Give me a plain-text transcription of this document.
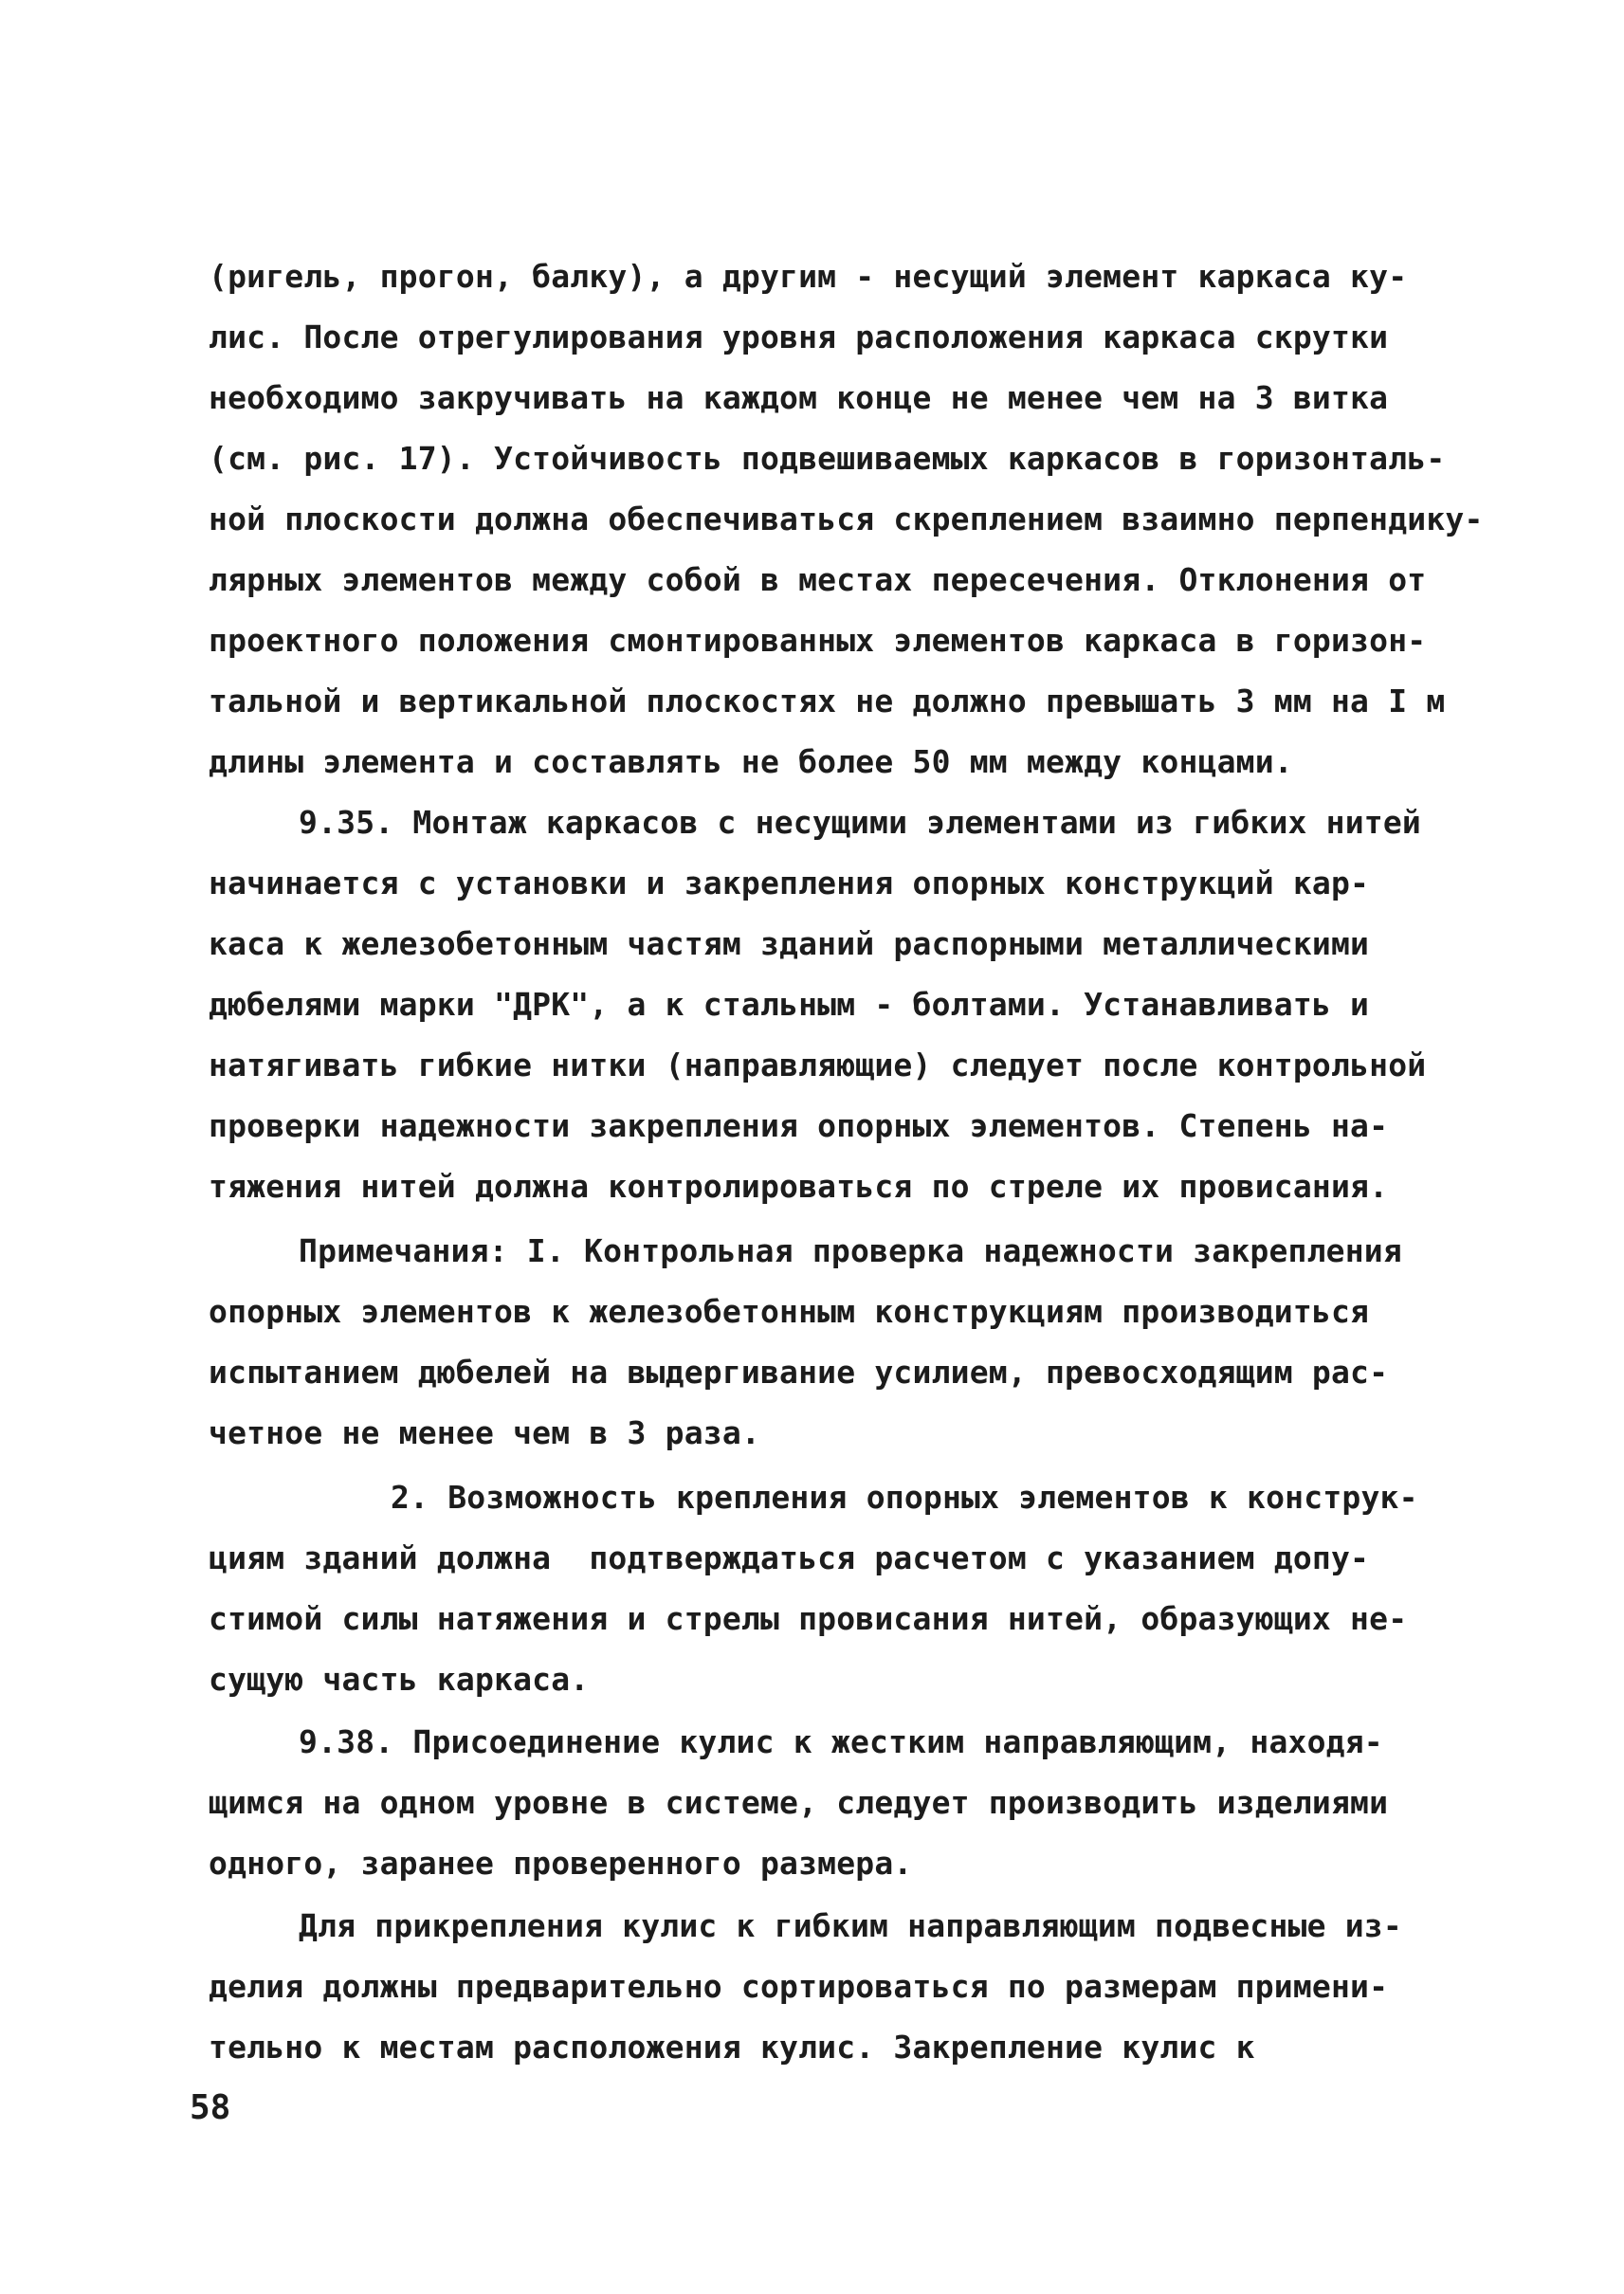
(ригель, прогон, балку), а другим - несущий элемент каркаса ку-
лис. После отрегулирования уровня расположения каркаса скрутки
необходимо закручивать на каждом конце не менее чем на 3 витка
(см. рис. 17). Устойчивость подвешиваемых каркасов в горизонталь-
ной плоскости должна обеспечиваться скреплением взаимно перпендику-
лярных элементов между собой в местах пересечения. Отклонения от
проектного положения смонтированных элементов каркаса в горизон-
тальной и вертикальной плоскостях не должно превышать 3 мм на I м
длины элемента и составлять не более 50 мм между концами.
9.35. Монтаж каркасов с несущими элементами из гибких нитей
начинается с установки и закрепления опорных конструкций кар-
каса к железобетонным частям зданий распорными металлическими
дюбелями марки "ДРК", а к стальным - болтами. Устанавливать и
натягивать гибкие нитки (направляющие) следует после контрольной
проверки надежности закрепления опорных элементов. Степень на-
тяжения нитей должна контролироваться по стреле их провисания.
Примечания: I. Контрольная проверка надежности закрепления
опорных элементов к железобетонным конструкциям производиться
испытанием дюбелей на выдергивание усилием, превосходящим рас-
четное не менее чем в 3 раза.
2. Возможность крепления опорных элементов к конструк-
циям зданий должна  подтверждаться расчетом с указанием допу-
стимой силы натяжения и стрелы провисания нитей, образующих не-
сущую часть каркаса.
9.38. Присоединение кулис к жестким направляющим, находя-
щимся на одном уровне в системе, следует производить изделиями
одного, заранее проверенного размера.
Для прикрепления кулис к гибким направляющим подвесные из-
делия должны предварительно сортироваться по размерам примени-
тельно к местам расположения кулис. Закрепление кулис к
58
